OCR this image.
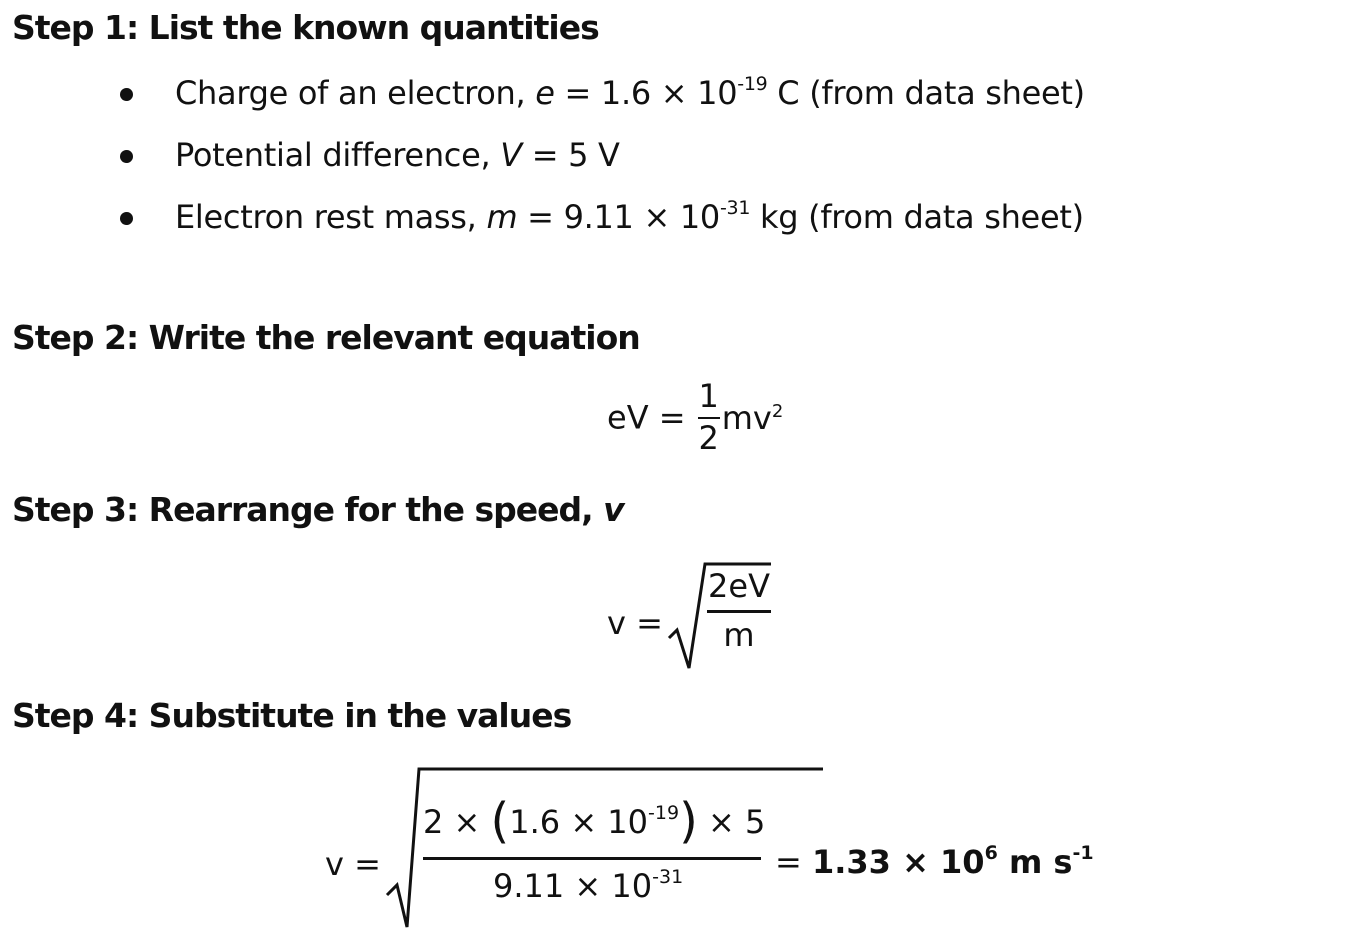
Step 1: List the known quantities
Charge of an electron, $e = 1.6 \times 10^{-19}$ C (from data sheet)
Potential difference, V = 5 V
Electron rest mass, $m = 9.11 \times 10^{-31}$ kg (from data sheet)
Step 2: Write the relevant equation
eV = $\frac{1}{2} mv^2$
Step 3: Rearrange for the speed, v
v =
2eV
m
Step 4: Substitute in the values
v =
$2 \times (1.6 \times 10^{-19}) \times 5$
$9.11 \times 10^{-31}$	= $1.33 \times 10^6$ m $s^{-1}$
